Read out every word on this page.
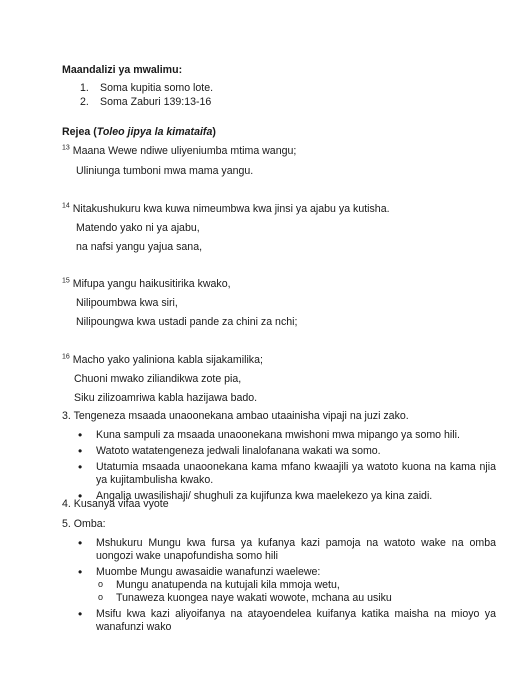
Maandalizi ya mwalimu:
1. Soma kupitia somo lote.
2. Soma Zaburi 139:13-16
Rejea (Toleo jipya la kimataifa)
$^{13}$ Maana Wewe ndiwe uliyeniumba mtima wangu;
Uliniunga tumboni mwa mama yangu.
$^{14}$ Nitakushukuru kwa kuwa nimeumbwa kwa jinsi ya ajabu ya kutisha.
Matendo yako ni ya ajabu,
na nafsi yangu yajua sana,
$^{15}$ Mifupa yangu haikusitirika kwako,
Nilipoumbwa kwa siri,
Nilipoungwa kwa ustadi pande za chini za nchi;
$^{16}$ Macho yako yaliniona kabla sijakamilika;
Chuoni mwako ziliandikwa zote pia,
Siku zilizoamriwa kabla hazijawa bado.
3. Tengeneza msaada unaoonekana ambao utaainisha vipaji na juzi zako.
• Kuna sampuli za msaada unaoonekana mwishoni mwa mipango ya somo hili.
• Watoto watatengeneza jedwali linalofanana wakati wa somo.
• Utatumia msaada unaoonekana kama mfano kwaajili ya watoto kuona na kama njia ya kujitambulisha kwako.
• Angalia uwasilishaji/ shughuli za kujifunza kwa maelekezo ya kina zaidi.
4. Kusanya vifaa vyote
5. Omba:
• Mshukuru Mungu kwa fursa ya kufanya kazi pamoja na watoto wake na omba uongozi wake unapofundisha somo hili
• Muombe Mungu awasaidie wanafunzi waelewe:
o Mungu anatupenda na kutujali kila mmoja wetu,
o Tunaweza kuongea naye wakati wowote, mchana au usiku
• Msifu kwa kazi aliyoifanya na atayoendelea kuifanya katika maisha na mioyo ya wanafunzi wako
